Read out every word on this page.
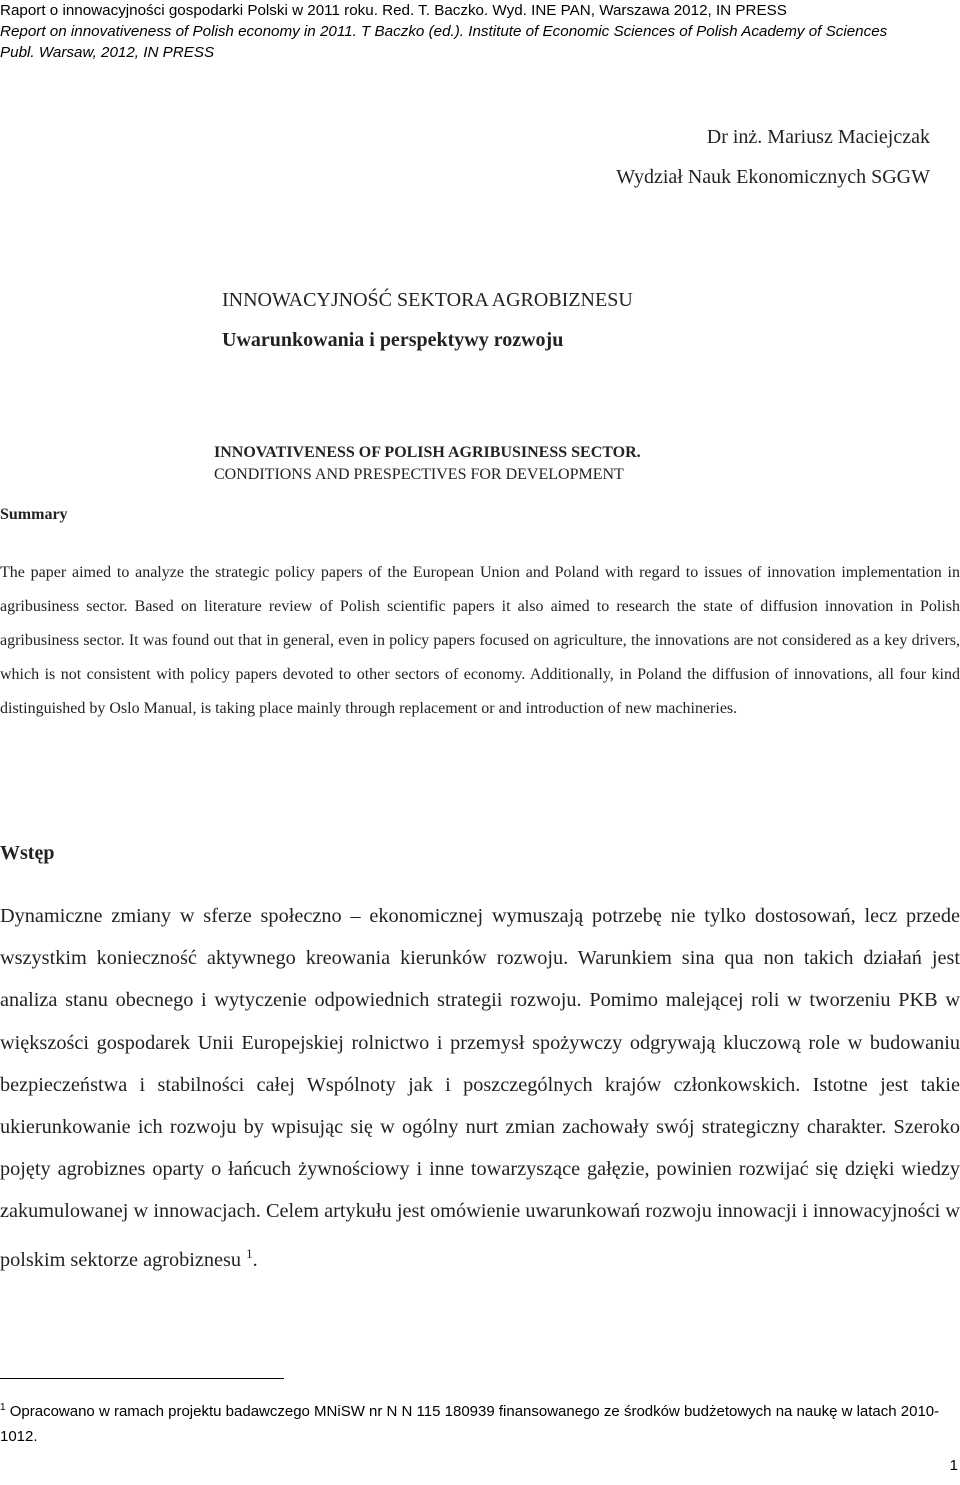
Raport o innowacyjności gospodarki Polski w 2011 roku. Red. T. Baczko. Wyd. INE PAN, Warszawa 2012, IN PRESS
Report on innovativeness of Polish economy in 2011. T Baczko (ed.). Institute of Economic Sciences of Polish Academy of Sciences
Publ. Warsaw, 2012, IN PRESS
Dr inż. Mariusz Maciejczak
Wydział Nauk Ekonomicznych SGGW
INNOWACYJNOŚĆ SEKTORA AGROBIZNESU
Uwarunkowania i perspektywy rozwoju
INNOVATIVENESS OF POLISH AGRIBUSINESS SECTOR.
CONDITIONS AND PRESPECTIVES FOR DEVELOPMENT
Summary
The paper aimed to analyze the strategic policy papers of the European Union and Poland with regard to issues of innovation implementation in agribusiness sector. Based on literature review of Polish scientific papers it also aimed to research the state of diffusion innovation in Polish agribusiness sector. It was found out that in general, even in policy papers focused on agriculture, the innovations are not considered as a key drivers, which is not consistent with policy papers devoted to other sectors of economy. Additionally, in Poland the diffusion of innovations, all four kind distinguished by Oslo Manual, is taking place mainly through replacement or and introduction of new machineries.
Wstęp
Dynamiczne zmiany w sferze społeczno – ekonomicznej wymuszają potrzebę nie tylko dostosowań, lecz przede wszystkim konieczność aktywnego kreowania kierunków rozwoju. Warunkiem sina qua non takich działań jest analiza stanu obecnego i wytyczenie odpowiednich strategii rozwoju. Pomimo malejącej roli w tworzeniu PKB w większości gospodarek Unii Europejskiej rolnictwo i przemysł spożywczy odgrywają kluczową role w budowaniu bezpieczeństwa i stabilności całej Wspólnoty jak i poszczególnych krajów członkowskich. Istotne jest takie ukierunkowanie ich rozwoju by wpisując się w ogólny nurt zmian zachowały swój strategiczny charakter. Szeroko pojęty agrobiznes oparty o łańcuch żywnościowy i inne towarzyszące gałęzie, powinien rozwijać się dzięki wiedzy zakumulowanej w innowacjach. Celem artykułu jest omówienie uwarunkowań rozwoju innowacji i innowacyjności w polskim sektorze agrobiznesu $^1$.
$^1$ Opracowano w ramach projektu badawczego MNiSW nr N N 115 180939 finansowanego ze środków budżetowych na naukę w latach 2010-1012.
1
